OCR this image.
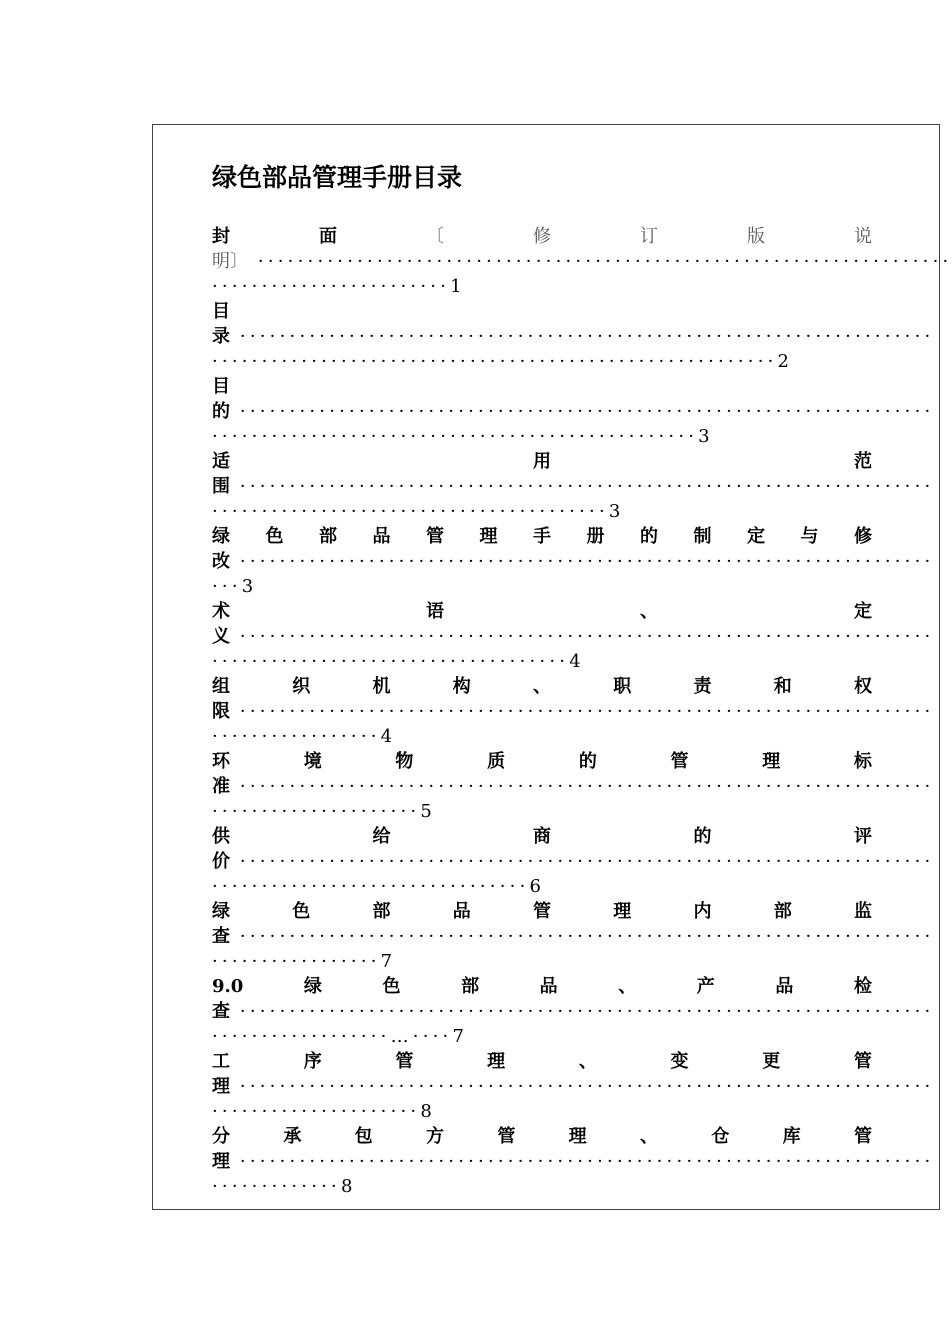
绿色部品管理手册目录
封	面	〔	修	订	版	说
明〕 ······································································
························1
目
录 ······································································
·························································2
目
的 ······································································
·················································3
适	用	范
围 ······································································
········································3
绿 色 部 品 管 理 手 册 的 制 定 与 修
改 ······································································
···3
术	语	、	定
义 ······································································
····································4
组	织	机	构	、	职	责	和	权
限 ······································································
·················4
环	境	物	质	的	管	理	标
准 ······································································
·····················5
供	给	商	的	评
价 ······································································
································6
绿	色	部	品	管	理	内	部	监
查 ······································································
·················7
9.0	绿	色	部	品	、	产	品	检
查 ······································································
··················…····7
工	序	管	理	、	变	更	管
理 ······································································
·····················8
分	承	包	方	管	理	、	仓	库	管
理 ······································································
·············8
